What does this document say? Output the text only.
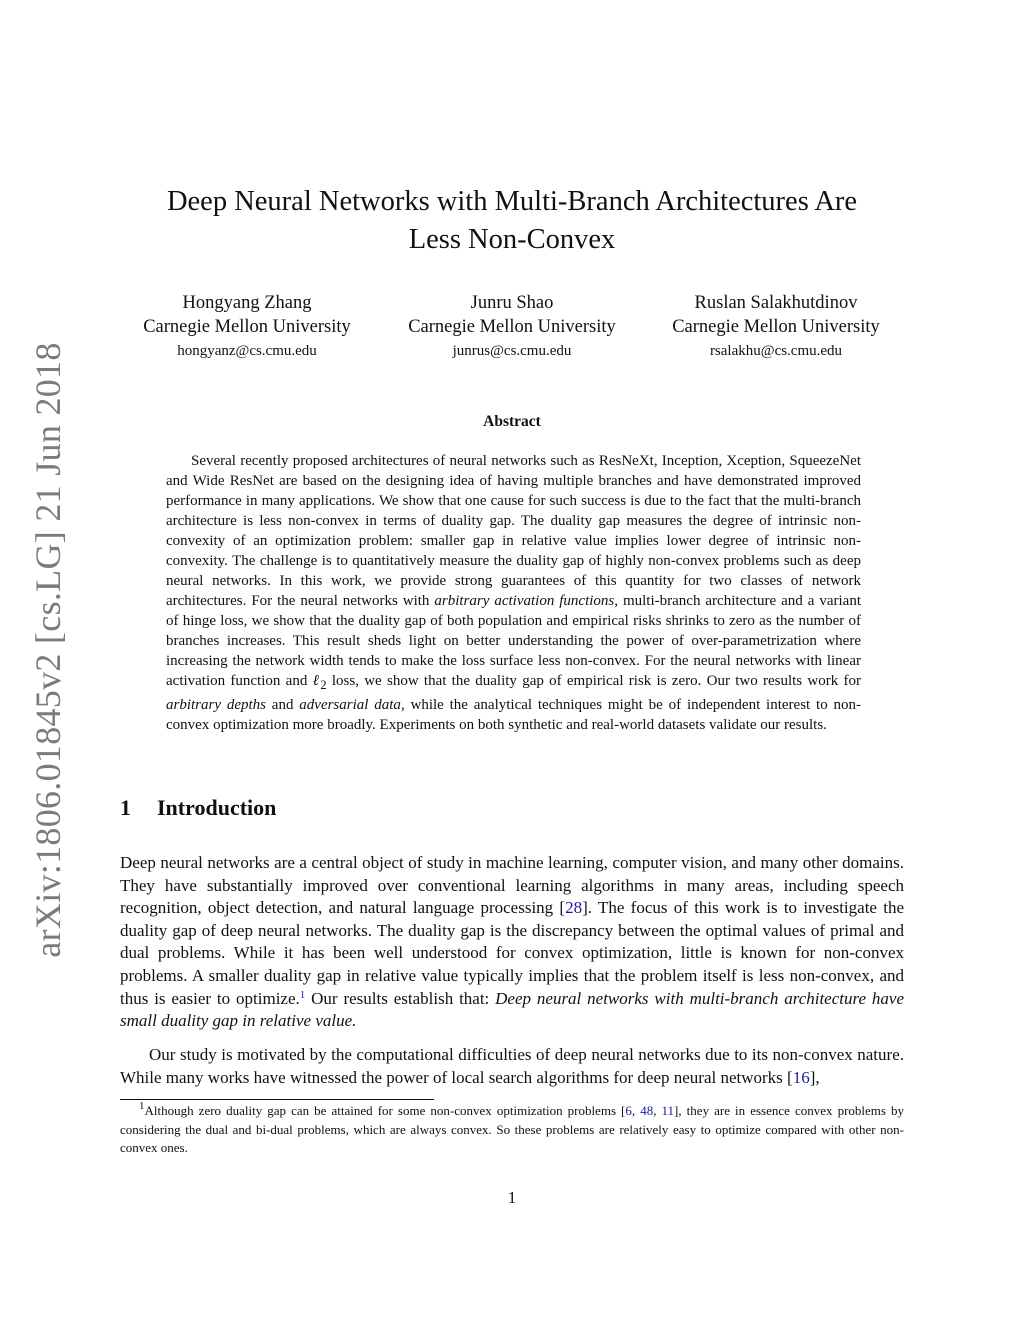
arXiv:1806.01845v2 [cs.LG] 21 Jun 2018
Deep Neural Networks with Multi-Branch Architectures Are
Less Non-Convex
Hongyang Zhang
Carnegie Mellon University
hongyanz@cs.cmu.edu
Junru Shao
Carnegie Mellon University
junrus@cs.cmu.edu
Ruslan Salakhutdinov
Carnegie Mellon University
rsalakhu@cs.cmu.edu
Abstract

Several recently proposed architectures of neural networks such as ResNeXt, Inception, Xception, SqueezeNet and Wide ResNet are based on the designing idea of having multiple branches and have demonstrated improved performance in many applications. We show that one cause for such success is due to the fact that the multi-branch architecture is less non-convex in terms of duality gap. The duality gap measures the degree of intrinsic non-convexity of an optimization problem: smaller gap in relative value implies lower degree of intrinsic non-convexity. The challenge is to quantitatively measure the duality gap of highly non-convex problems such as deep neural networks. In this work, we provide strong guarantees of this quantity for two classes of network architectures. For the neural networks with arbitrary activation functions, multi-branch architecture and a variant of hinge loss, we show that the duality gap of both population and empirical risks shrinks to zero as the number of branches increases. This result sheds light on better understanding the power of over-parametrization where increasing the network width tends to make the loss surface less non-convex. For the neural networks with linear activation function and ℓ$_2$ loss, we show that the duality gap of empirical risk is zero. Our two results work for arbitrary depths and adversarial data, while the analytical techniques might be of independent interest to non-convex optimization more broadly. Experiments on both synthetic and real-world datasets validate our results.

1 Introduction

Deep neural networks are a central object of study in machine learning, computer vision, and many other domains. They have substantially improved over conventional learning algorithms in many areas, including speech recognition, object detection, and natural language processing [28]. The focus of this work is to investigate the duality gap of deep neural networks. The duality gap is the discrepancy between the optimal values of primal and dual problems. While it has been well understood for convex optimization, little is known for non-convex problems. A smaller duality gap in relative value typically implies that the problem itself is less non-convex, and thus is easier to optimize.$^1$ Our results establish that: Deep neural networks with multi-branch architecture have small duality gap in relative value.

Our study is motivated by the computational difficulties of deep neural networks due to its non-convex nature. While many works have witnessed the power of local search algorithms for deep neural networks [16],

$^1$Although zero duality gap can be attained for some non-convex optimization problems [6, 48, 11], they are in essence convex problems by considering the dual and bi-dual problems, which are always convex. So these problems are relatively easy to optimize compared with other non-convex ones.

1
